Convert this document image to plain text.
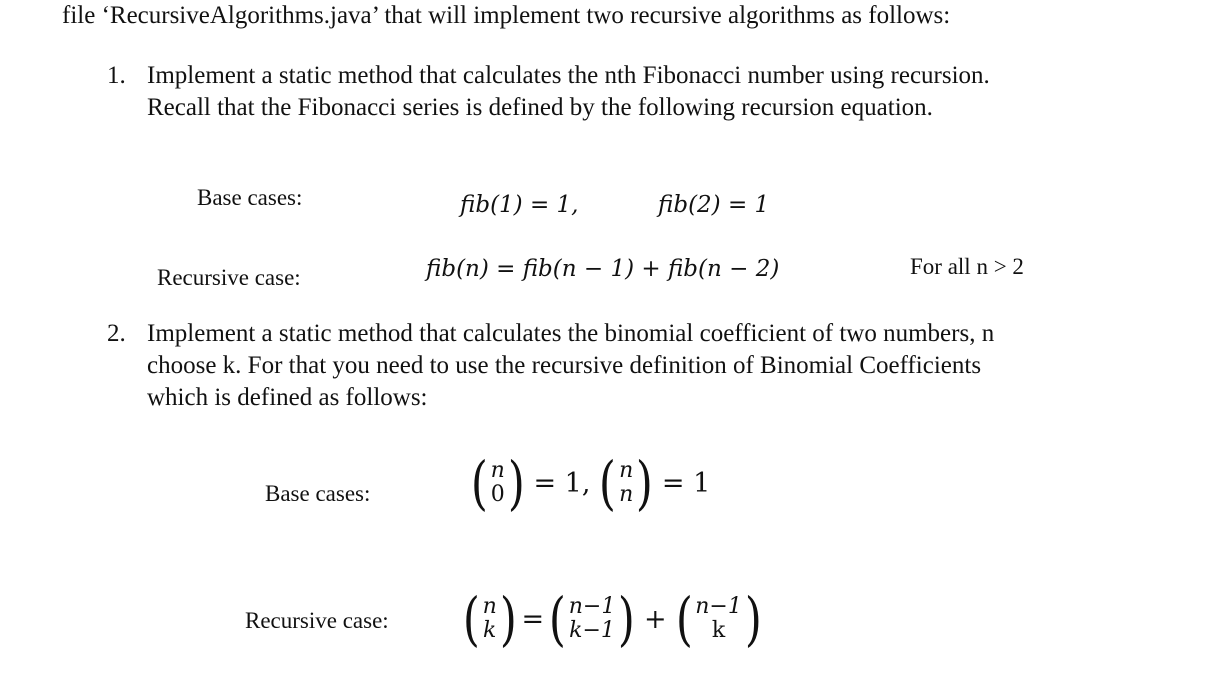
file ‘RecursiveAlgorithms.java’ that will implement two recursive algorithms as follows:
1. Implement a static method that calculates the nth Fibonacci number using recursion.
Recall that the Fibonacci series is defined by the following recursion equation.
Base cases:	fib(1) = 1,	fib(2) = 1
Recursive case:	fib(n) = fib(n − 1) + fib(n − 2)	For all n > 2
2. Implement a static method that calculates the binomial coefficient of two numbers, n
choose k. For that you need to use the recursive definition of Binomial Coefficients
which is defined as follows:
Base cases: ( n
0 ) = 1, ( n
n ) = 1
Recursive case: ( n
k ) = ( n−1
k−1 ) + ( n−1
k )
